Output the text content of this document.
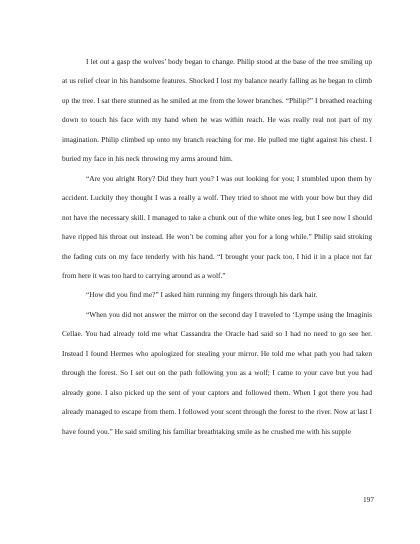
I let out a gasp the wolves’ body began to change. Philip stood at the base of the tree smiling up at us relief clear in his handsome features. Shocked I lost my balance nearly falling as he began to climb up the tree. I sat there stunned as he smiled at me from the lower branches. “Philip?” I breathed reaching down to touch his face with my hand when he was within reach. He was really real not part of my imagination. Philip climbed up onto my branch reaching for me. He pulled me tight against his chest. I buried my face in his neck throwing my arms around him.

“Are you alright Rory? Did they hurt you? I was out looking for you; I stumbled upon them by accident. Luckily they thought I was a really a wolf. They tried to shoot me with your bow but they did not have the necessary skill. I managed to take a chunk out of the white ones leg, but I see now I should have ripped his throat out instead. He won’t be coming after you for a long while.” Philip said stroking the fading cuts on my face tenderly with his hand. “I brought your pack too, I hid it in a place not far from here it was too hard to carrying around as a wolf.”

“How did you find me?” I asked him running my fingers through his dark hair.

“When you did not answer the mirror on the second day I traveled to ‘Lympe using the Imaginis Cellae. You had already told me what Cassandra the Oracle had said so I had no need to go see her. Instead I found Hermes who apologized for stealing your mirror. He told me what path you had taken through the forest. So I set out on the path following you as a wolf; I came to your cave but you had already gone. I also picked up the sent of your captors and followed them. When I got there you had already managed to escape from them. I followed your scent through the forest to the river. Now at last I have found you.” He said smiling his familiar breathtaking smile as he crushed me with his supple

197
